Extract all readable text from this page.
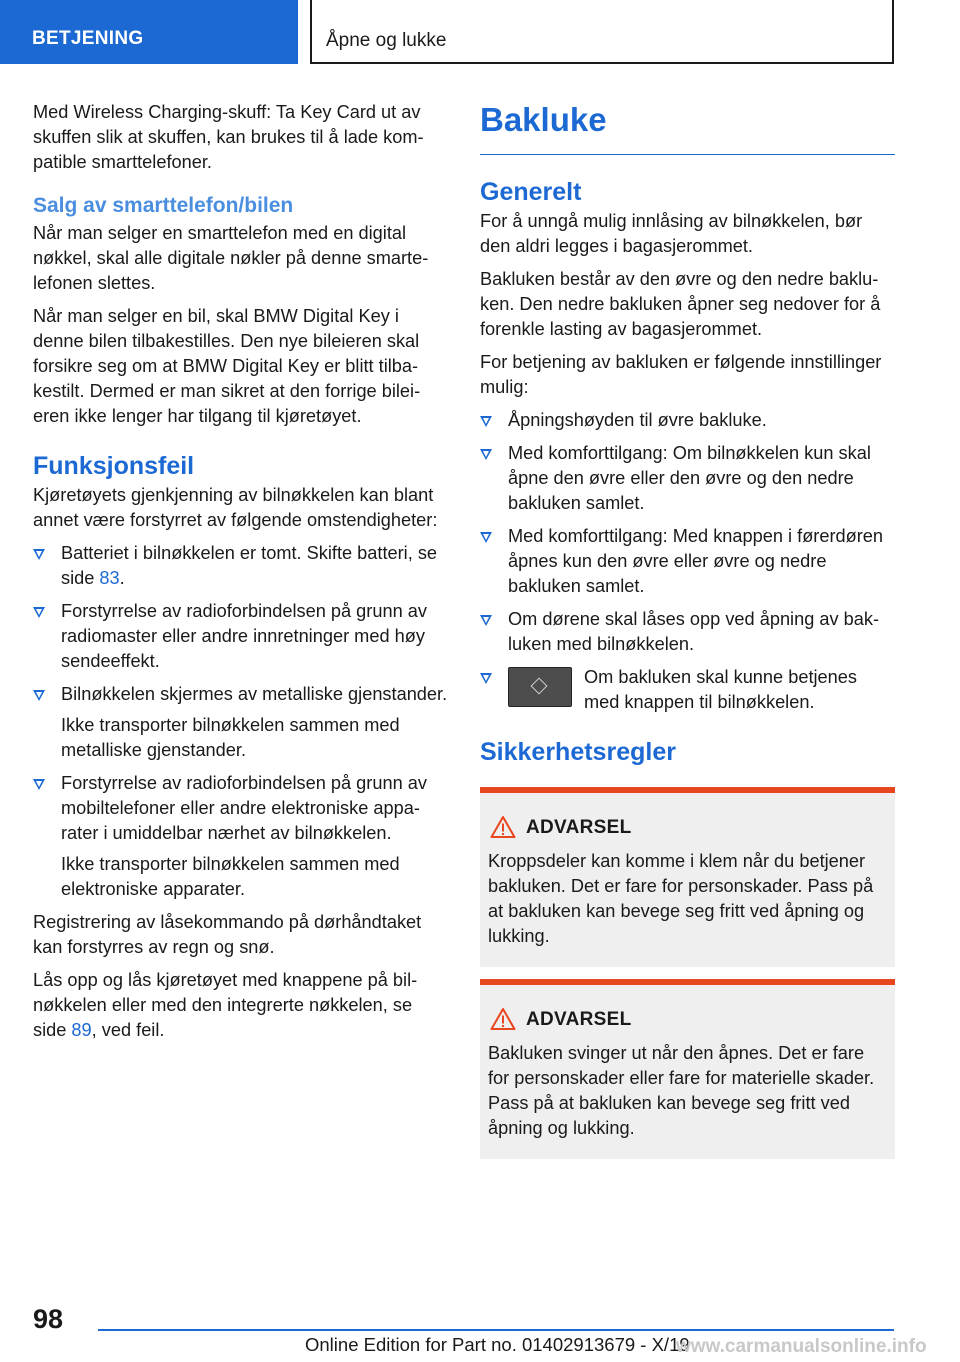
BETJENING	Åpne og lukke

Med Wireless Charging-skuff: Ta Key Card ut av skuffen slik at skuffen, kan brukes til å lade kompatible smarttelefoner.

Salg av smarttelefon/bilen

Når man selger en smarttelefon med en digital nøkkel, skal alle digitale nøkler på denne smartelefonen slettes.

Når man selger en bil, skal BMW Digital Key i denne bilen tilbakestilles. Den nye bileieren skal forsikre seg om at BMW Digital Key er blitt tilbakestilt. Dermed er man sikret at den forrige bileieren ikke lenger har tilgang til kjøretøyet.

Funksjonsfeil

Kjøretøyets gjenkjenning av bilnøkkelen kan blant annet være forstyrret av følgende omstendigheter:

Batteriet i bilnøkkelen er tomt. Skifte batteri, se side 83.
Forstyrrelse av radioforbindelsen på grunn av radiomaster eller andre innretninger med høy sendeeffekt.
Bilnøkkelen skjermes av metalliske gjenstander.
Ikke transporter bilnøkkelen sammen med metalliske gjenstander.
Forstyrrelse av radioforbindelsen på grunn av mobiltelefoner eller andre elektroniske apparater i umiddelbar nærhet av bilnøkkelen.
Ikke transporter bilnøkkelen sammen med elektroniske apparater.

Registrering av låsekommando på dørhåndtaket kan forstyrres av regn og snø.

Lås opp og lås kjøretøyet med knappene på bilnøkkelen eller med den integrerte nøkkelen, se side 89, ved feil.

Bakluke
Generelt

For å unngå mulig innlåsing av bilnøkkelen, bør den aldri legges i bagasjerommet.

Bakluken består av den øvre og den nedre bakluken. Den nedre bakluken åpner seg nedover for å forenkle lasting av bagasjerommet.

For betjening av bakluken er følgende innstillinger mulig:

Åpningshøyden til øvre bakluke.
Med komforttilgang: Om bilnøkkelen kun skal åpne den øvre eller den øvre og den nedre bakluken samlet.
Med komforttilgang: Med knappen i førerdøren åpnes kun den øvre eller øvre og nedre bakluken samlet.
Om dørene skal låses opp ved åpning av bakluken med bilnøkkelen.
Om bakluken skal kunne betjenes med knappen til bilnøkkelen.
Sikkerhetsregler
ADVARSEL

Kroppsdeler kan komme i klem når du betjener bakluken. Det er fare for personskader. Pass på at bakluken kan bevege seg fritt ved åpning og lukking.

ADVARSEL

Bakluken svinger ut når den åpnes. Det er fare for personskader eller fare for materielle skader. Pass på at bakluken kan bevege seg fritt ved åpning og lukking.

98
Online Edition for Part no. 01402913679 - X/19
www.carmanualsonline.info
